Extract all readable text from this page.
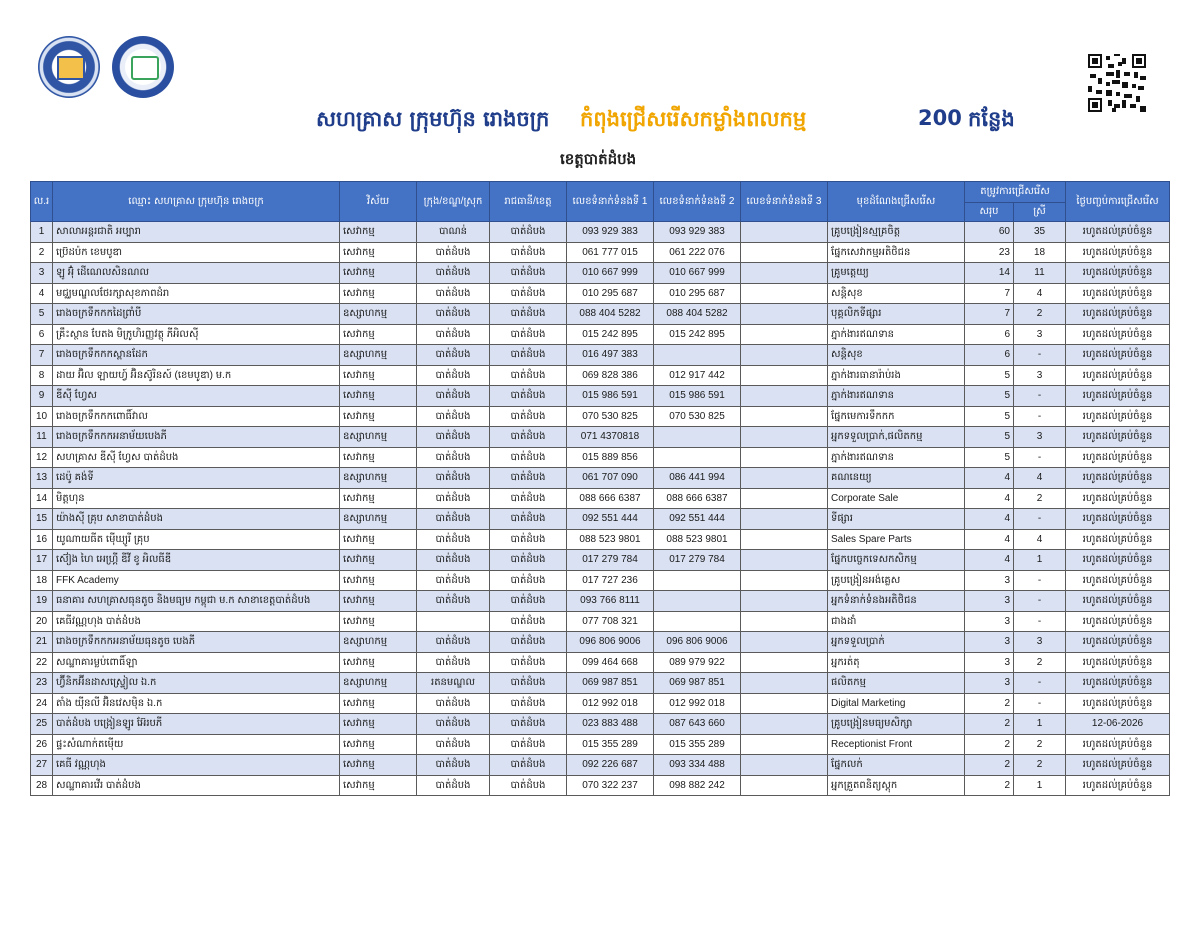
សហគ្រាស ក្រុមហ៊ុន រោងចក្រ កំពុងជ្រើសរើសកម្លាំងពលកម្ម	200 កន្លែង
ខេត្តបាត់ដំបង
ល.រ	ឈ្មោះ សហគ្រាស ក្រុមហ៊ុន រោងចក្រ	វិស័យ	ក្រុង/ខណ្ឌ/ស្រុក	រាជធានី/ខេត្ត	លេខទំនាក់ទំនងទី 1	លេខទំនាក់ទំនងទី 2	លេខទំនាក់ទំនងទី 3	មុខដំណែងជ្រើសរើស	តម្រូវការជ្រើសរើស		ថ្ងៃបញ្ចប់ការជ្រើសរើស
									សរុប	ស្រី	
1	សាលាអន្តរជាតិ អប្បារា	សេវាកម្ម	បាណន់	បាត់ដំបង	093 929 383	093 929 383		គ្រូបង្រៀនស្មគ្រចិត្ត	60	35	រហូតដល់គ្រប់ចំនួន
2	ប្រ៊េដប៉ក ខេមបូឌា	សេវាកម្ម	បាត់ដំបង	បាត់ដំបង	061 777 015	061 222 076		ផ្នែកសេវាកម្មអតិថិជន	23	18	រហូតដល់គ្រប់ចំនួន
3	ឡូ អ៊ុំ ដើណេលសិនណល	សេវាកម្ម	បាត់ដំបង	បាត់ដំបង	010 667 999	010 667 999		គ្រូមត្តេយ្យ	14	11	រហូតដល់គ្រប់ចំនួន
4	មជ្ឈមណ្ឌលថែរក្សាសុខភាពដំរា	សេវាកម្ម	បាត់ដំបង	បាត់ដំបង	010 295 687	010 295 687		សន្តិសុខ	7	4	រហូតដល់គ្រប់ចំនួន
5	រោងចក្រទឹកកកដៃព្រាំបី	ឧស្សាហកម្ម	បាត់ដំបង	បាត់ដំបង	088 404 5282	088 404 5282		បុគ្គលិកទីផ្សារ	7	2	រហូតដល់គ្រប់ចំនួន
6	គ្រឹះស្ថាន បែតង មិក្រូហិរញ្ញវត្ថុ ភីអិលស៊ី	សេវាកម្ម	បាត់ដំបង	បាត់ដំបង	015 242 895	015 242 895		ភ្នាក់ងារឥណទាន	6	3	រហូតដល់គ្រប់ចំនួន
7	រោងចក្រទឹកកកស្ពានដែក	ឧស្សាហកម្ម	បាត់ដំបង	បាត់ដំបង	016 497 383			សន្តិសុខ	6	-	រហូតដល់គ្រប់ចំនួន
8	ដាយ អ៊ិល ឡាយហ្វ៍ អ៊ិនស៊ូរិនស៍ (ខេមបូឌា) ម.ក	សេវាកម្ម	បាត់ដំបង	បាត់ដំបង	069 828 386	012 917 442		ភ្នាក់ងារធានារ៉ាប់រង	5	3	រហូតដល់គ្រប់ចំនួន
9	ឌីស៊ី ហ្វែស	សេវាកម្ម	បាត់ដំបង	បាត់ដំបង	015 986 591	015 986 591		ភ្នាក់ងារឥណទាន	5	-	រហូតដល់គ្រប់ចំនួន
10	រោងចក្រទឹកកកពោធិ៍វាល	សេវាកម្ម	បាត់ដំបង	បាត់ដំបង	070 530 825	070 530 825		ផ្នែកមេការទឹកកក	5	-	រហូតដល់គ្រប់ចំនួន
11	រោងចក្រទឹកកកអនាម័យបេងភី	ឧស្សាហកម្ម	បាត់ដំបង	បាត់ដំបង	071 4370818			អ្នកទទួលប្រាក់,ផលិតកម្ម	5	3	រហូតដល់គ្រប់ចំនួន
12	សហគ្រាស ឌីស៊ី ហ្វែស បាត់ដំបង	សេវាកម្ម	បាត់ដំបង	បាត់ដំបង	015 889 856			ភ្នាក់ងារឥណទាន	5	-	រហូតដល់គ្រប់ចំនួន
13	ដេប៉ូ គង់ទី	ឧស្សាហកម្ម	បាត់ដំបង	បាត់ដំបង	061 707 090	086 441 994		គណនេយ្យ	4	4	រហូតដល់គ្រប់ចំនួន
14	មិត្តហុន	សេវាកម្ម	បាត់ដំបង	បាត់ដំបង	088 666 6387	088 666 6387		Corporate Sale	4	2	រហូតដល់គ្រប់ចំនួន
15	យ៉ាងស៊ី គ្រុប សាខាបាត់ដំបង	ឧស្សាហកម្ម	បាត់ដំបង	បាត់ដំបង	092 551 444	092 551 444		ទីផ្សារ	4	-	រហូតដល់គ្រប់ចំនួន
16	យូណាយធីត ម៉ើឃ្យូរី គ្រុប	សេវាកម្ម	បាត់ដំបង	បាត់ដំបង	088 523 9801	088 523 9801		Sales Spare Parts	4	4	រហូតដល់គ្រប់ចំនួន
17	ស៊ៀង ហៃ អេហ្គ្រី ឌីវី ខូ អិលធីឌី	សេវាកម្ម	បាត់ដំបង	បាត់ដំបង	017 279 784	017 279 784		ផ្នែកបច្ចេកទេសកសិកម្ម	4	1	រហូតដល់គ្រប់ចំនួន
18	FFK Academy	សេវាកម្ម	បាត់ដំបង	បាត់ដំបង	017 727 236			គ្រូបង្រៀនអង់គ្លេស	3	-	រហូតដល់គ្រប់ចំនួន
19	ធនាគារ សហគ្រាសធុនតូច និងមធ្យម កម្ពុជា ម.ក សាខាខេត្តបាត់ដំបង	សេវាកម្ម	បាត់ដំបង	បាត់ដំបង	093 766 8111			អ្នកទំនាក់ទំនងអតិថិជន	3	-	រហូតដល់គ្រប់ចំនួន
20	គេធីវណ្ណហុង បាត់ដំបង	សេវាកម្ម		បាត់ដំបង	077 708 321			ជាងដាំ	3	-	រហូតដល់គ្រប់ចំនួន
21	រោងចក្រទឹកកកអនាម័យធុនតូច បេងភី	ឧស្សាហកម្ម	បាត់ដំបង	បាត់ដំបង	096 806 9006	096 806 9006		អ្នកទទួលប្រាក់	3	3	រហូតដល់គ្រប់ចំនួន
22	សណ្ឋាគារម្លប់ពោធិ៍ឡា	សេវាកម្ម	បាត់ដំបង	បាត់ដំបង	099 464 668	089 979 922		អ្នករត់តុ	3	2	រហូតដល់គ្រប់ចំនួន
23	ហ្វ៊ីនិកអ៊ីនដាសស្ទ្រៀល ឯ.ក	ឧស្សាហកម្ម	រតនមណ្ឌល	បាត់ដំបង	069 987 851	069 987 851		ផលិតកម្ម	3	-	រហូតដល់គ្រប់ចំនួន
24	តាំង យ៉ីនលី អ៊ិនវេសម៉ិន ឯ.ក	សេវាកម្ម	បាត់ដំបង	បាត់ដំបង	012 992 018	012 992 018		Digital Marketing	2	-	រហូតដល់គ្រប់ចំនួន
25	បាត់ដំបង បង្រៀនឡូរ អ៊ែរបភី	សេវាកម្ម	បាត់ដំបង	បាត់ដំបង	023 883 488	087 643 660		គ្រូបង្រៀនមធ្យមសិក្សា	2	1	12-06-2026
26	ផ្ទះសំណាក់តម៉ើយ	សេវាកម្ម	បាត់ដំបង	បាត់ដំបង	015 355 289	015 355 289		Receptionist Front	2	2	រហូតដល់គ្រប់ចំនួន
27	គេធី វណ្ណហុង	សេវាកម្ម	បាត់ដំបង	បាត់ដំបង	092 226 687	093 334 488		ផ្នែកលក់	2	2	រហូតដល់គ្រប់ចំនួន
28	សណ្ឋាគារវើរ បាត់ដំបង	សេវាកម្ម	បាត់ដំបង	បាត់ដំបង	070 322 237	098 882 242		អ្នកគ្រួតពនិត្យស្តុក	2	1	រហូតដល់គ្រប់ចំនួន
